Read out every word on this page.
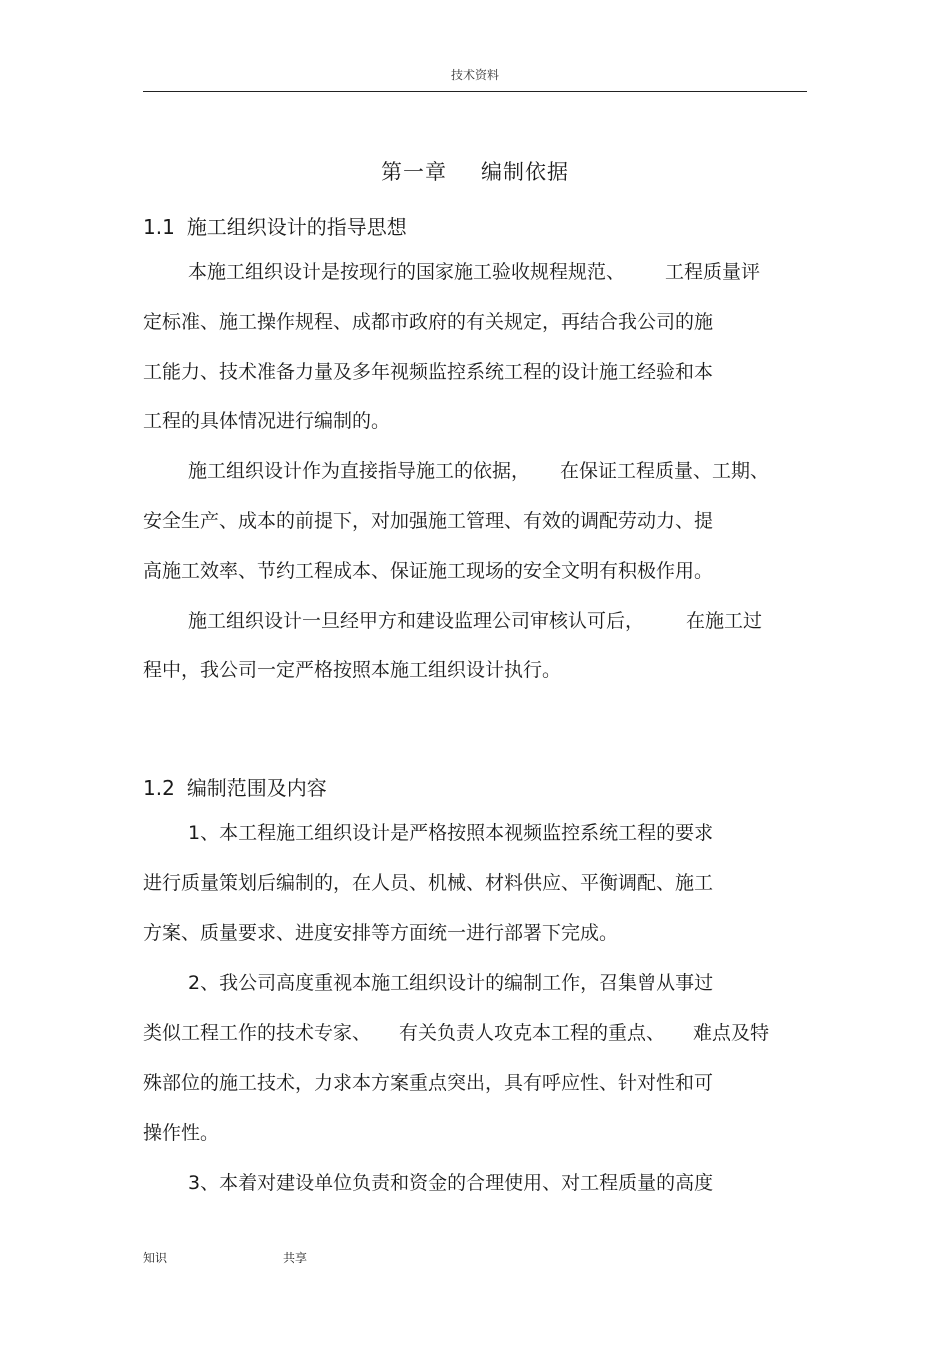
技术资料
第一章 编制依据
1.1 施工组织设计的指导思想
本施工组织设计是按现行的国家施工验收规程规范、 工程质量评
定标准、施工操作规程、成都市政府的有关规定，再结合我公司的施
工能力、技术准备力量及多年视频监控系统工程的设计施工经验和本
工程的具体情况进行编制的。
施工组织设计作为直接指导施工的依据， 在保证工程质量、工期、
安全生产、成本的前提下，对加强施工管理、有效的调配劳动力、提
高施工效率、节约工程成本、保证施工现场的安全文明有积极作用。
施工组织设计一旦经甲方和建设监理公司审核认可后， 在施工过
程中，我公司一定严格按照本施工组织设计执行。
1.2 编制范围及内容
1、本工程施工组织设计是严格按照本视频监控系统工程的要求
进行质量策划后编制的，在人员、机械、材料供应、平衡调配、施工
方案、质量要求、进度安排等方面统一进行部署下完成。
2、我公司高度重视本施工组织设计的编制工作，召集曾从事过
类似工程工作的技术专家、 有关负责人攻克本工程的重点、 难点及特
殊部位的施工技术，力求本方案重点突出，具有呼应性、针对性和可
操作性。
3、本着对建设单位负责和资金的合理使用、对工程质量的高度
知识	共享
